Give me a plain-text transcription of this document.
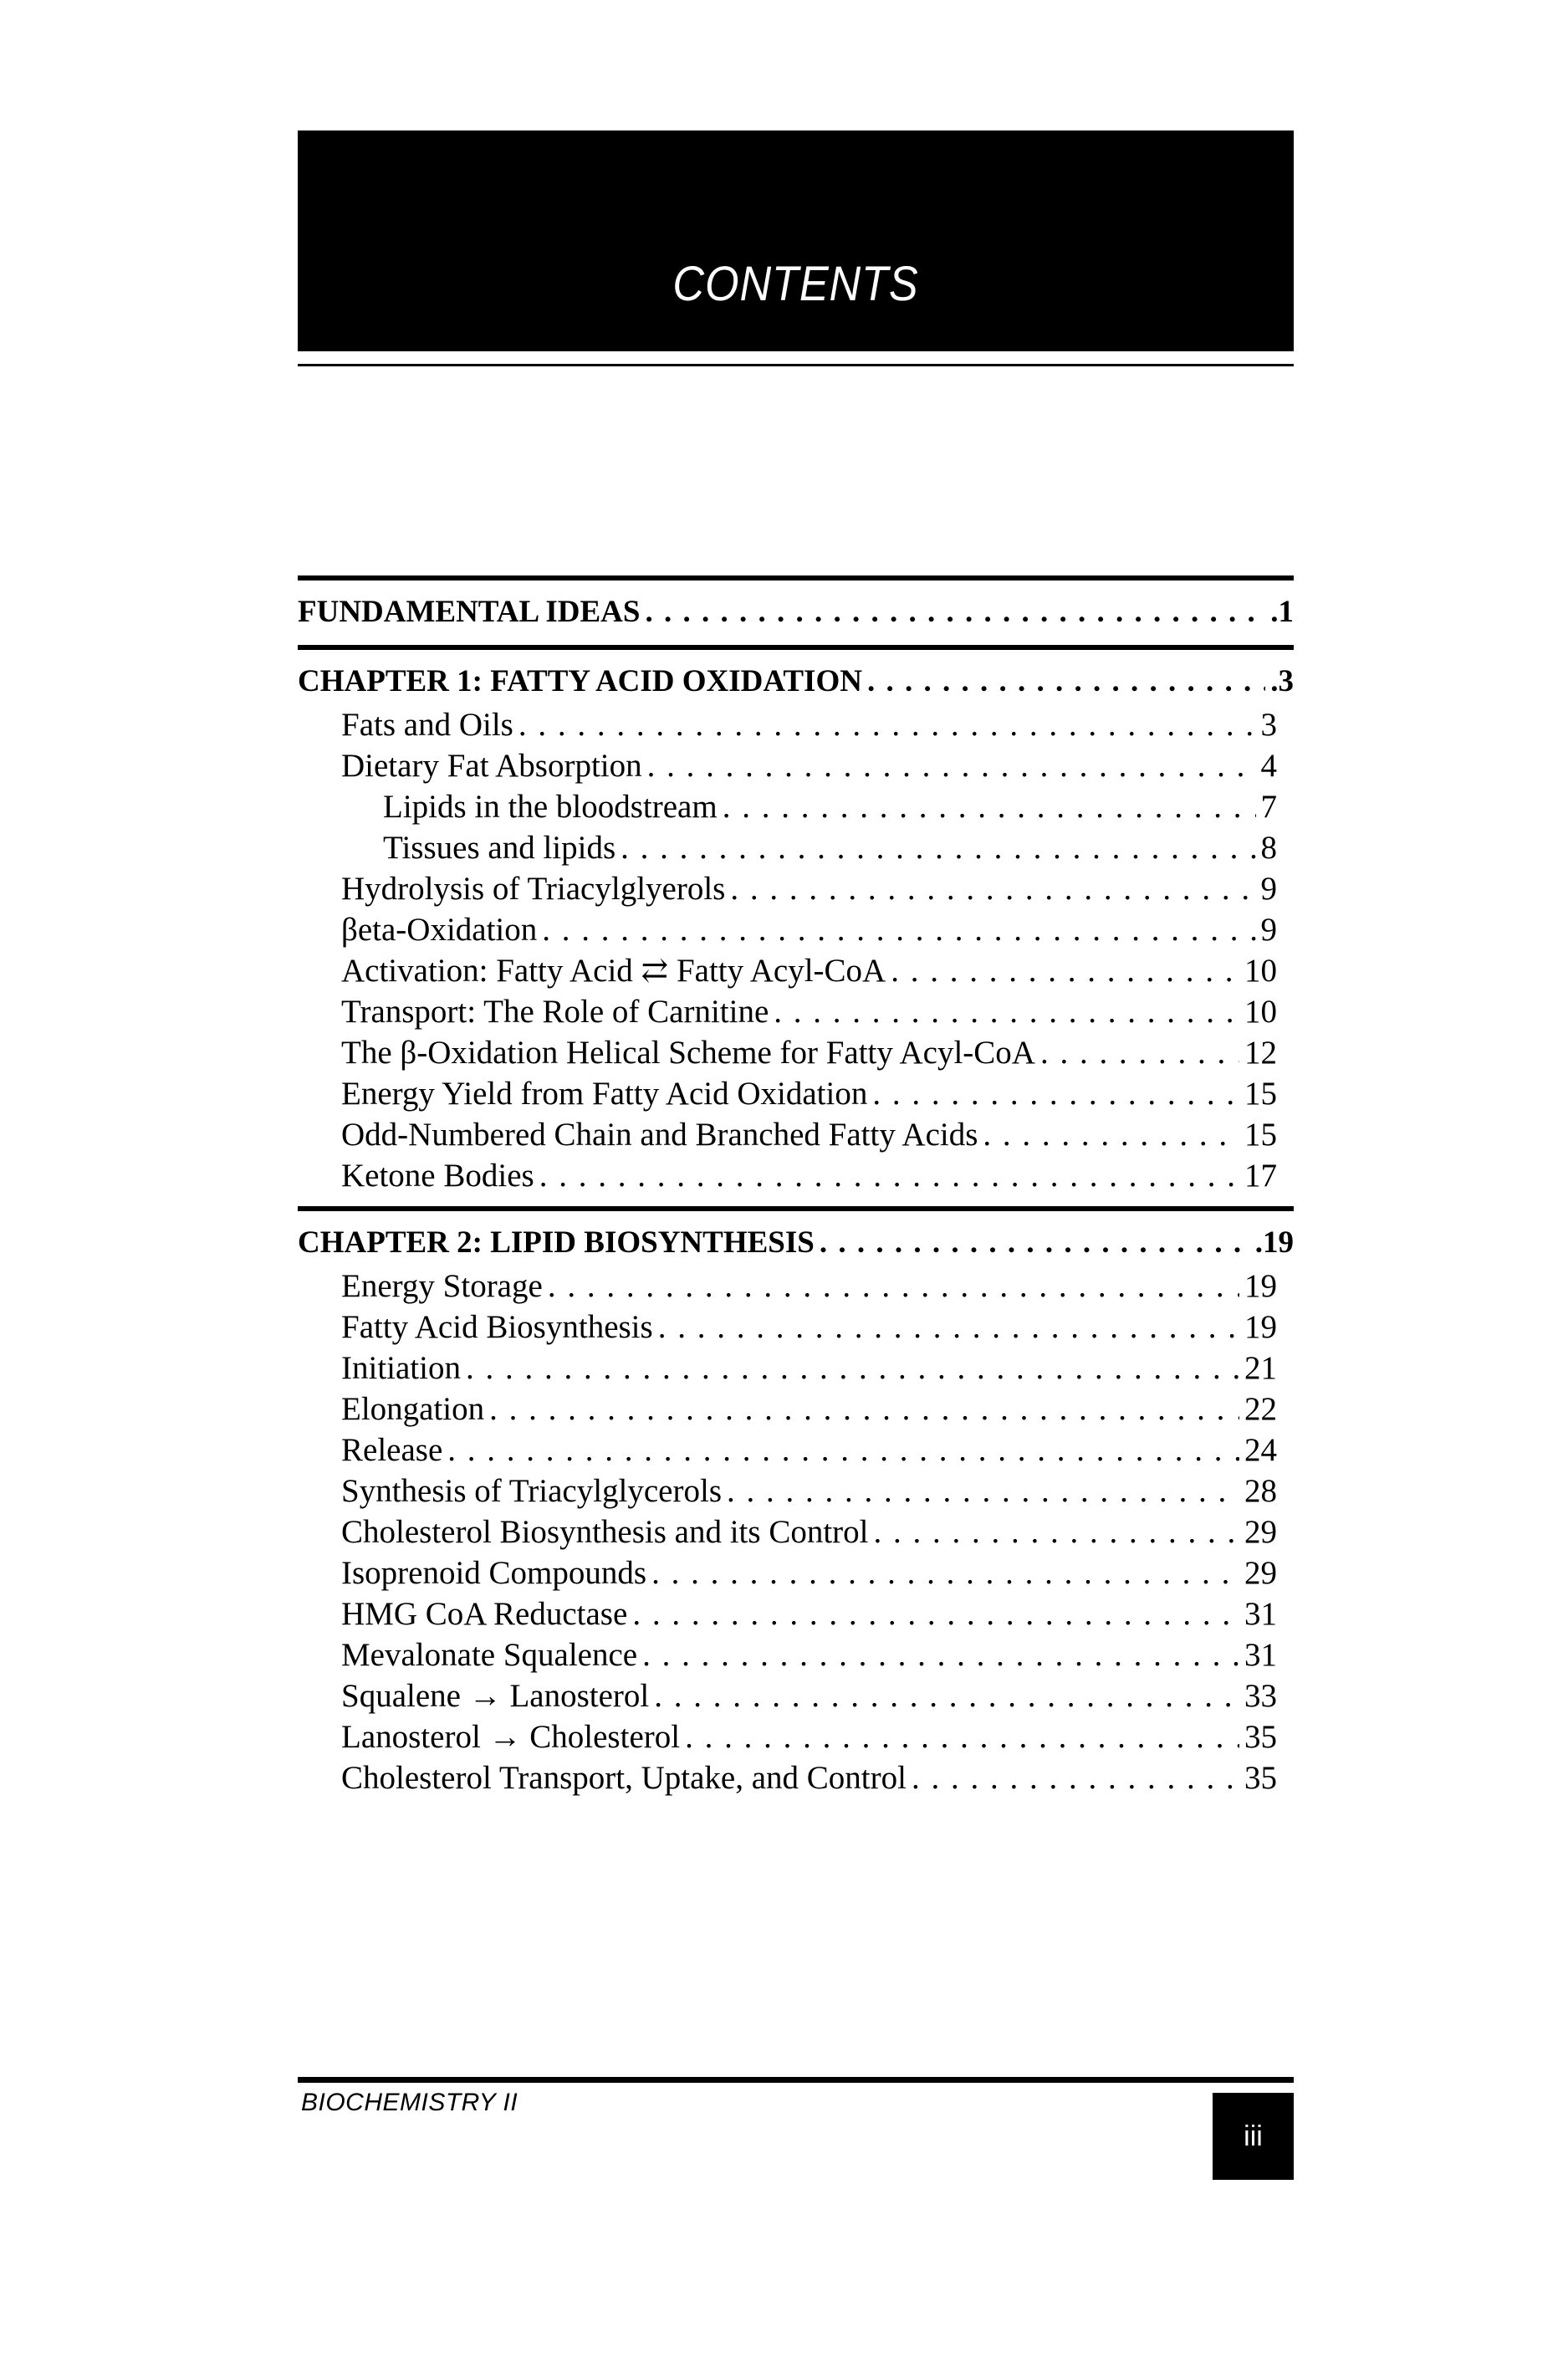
CONTENTS
FUNDAMENTAL IDEAS . . .	.1
CHAPTER 1: FATTY ACID OXIDATION . . .	.3
Fats and Oils . . .	3
Dietary Fat Absorption . . .	4
Lipids in the bloodstream . . .	7
Tissues and lipids . . .	8
Hydrolysis of Triacylglyerols . . .	9
βeta-Oxidation . . .	9
Activation: Fatty Acid ⇄ Fatty Acyl-CoA . . .	10
Transport: The Role of Carnitine . . .	10
The β-Oxidation Helical Scheme for Fatty Acyl-CoA . . .	12
Energy Yield from Fatty Acid Oxidation . . .	15
Odd-Numbered Chain and Branched Fatty Acids . . .	15
Ketone Bodies . . .	17
CHAPTER 2: LIPID BIOSYNTHESIS . . .	.19
Energy Storage . . .	19
Fatty Acid Biosynthesis . . .	19
Initiation . . .	21
Elongation . . .	22
Release . . .	24
Synthesis of Triacylglycerols . . .	28
Cholesterol Biosynthesis and its Control . . .	29
Isoprenoid Compounds . . .	29
HMG CoA Reductase . . .	31
Mevalonate Squalence . . .	31
Squalene → Lanosterol . . .	33
Lanosterol → Cholesterol . . .	35
Cholesterol Transport, Uptake, and Control . . .	35
BIOCHEMISTRY II
iii
